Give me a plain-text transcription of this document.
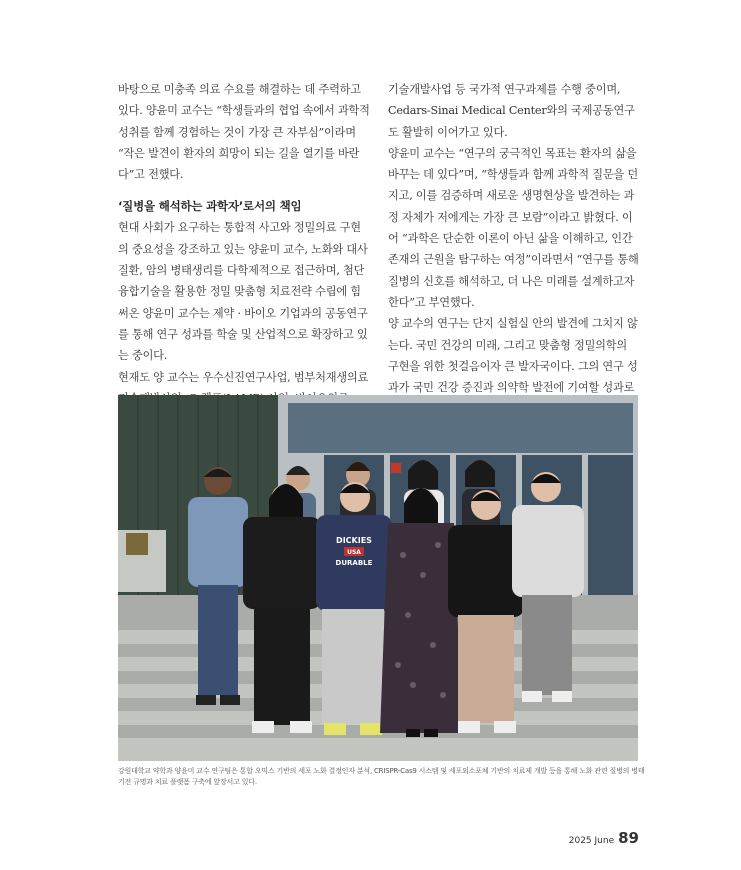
바탕으로 미충족 의료 수요를 해결하는 데 주력하고 있다. 양윤미 교수는 “학생들과의 협업 속에서 과학적 성취를 함께 경험하는 것이 가장 큰 자부심”이라며 “작은 발견이 환자의 희망이 되는 길을 열기를 바란다”고 전했다.

‘질병을 해석하는 과학자’로서의 책임

현대 사회가 요구하는 통합적 사고와 정밀의료 구현의 중요성을 강조하고 있는 양윤미 교수, 노화와 대사질환, 암의 병태생리를 다학제적으로 접근하며, 첨단 융합기술을 활용한 정밀 맞춤형 치료전략 수립에 힘써온 양윤미 교수는 제약 · 바이오 기업과의 공동연구를 통해 연구 성과를 학술 및 산업적으로 확장하고 있는 중이다.

현재도 양 교수는 우수신진연구사업, 범부처재생의료

기술개발사업 등 국가적 연구과제를 수행 중이며, Cedars-Sinai Medical Center와의 국제공동연구도 활발히 이어가고 있다.

양윤미 교수는 “연구의 궁극적인 목표는 환자의 삶을 바꾸는 데 있다”며, “학생들과 함께 과학적 질문을 던지고, 이를 검증하며 새로운 생명현상을 발견하는 과정 자체가 저에게는 가장 큰 보람”이라고 밝혔다. 이어 “과학은 단순한 이론이 아닌 삶을 이해하고, 인간 존재의 근원을 탐구하는 여정”이라면서 “연구를 통해 질병의 신호를 해석하고, 더 나은 미래를 설계하고자 한다”고 부연했다.

양 교수의 연구는 단지 실험실 안의 발견에 그치지 않는다. 국민 건강의 미래, 그리고 맞춤형 정밀의학의 구현을 위한 첫걸음이자 큰 발자국이다. 그의 연구 성과가 국민 건강 증진과 의약학 발전에 기여할 성과로

DICKIES
USA
DURABLE
강원대학교 약학과 양윤미 교수 연구팀은 통합 오믹스 기반의 세포 노화 결정인자 분석, CRISPR-Cas9 시스템 및 세포외소포체 기반의 치료제 개발 등을 통해 노화 관련 질병의 병태기전 규명과 치료 플랫폼 구축에 앞장서고 있다.
2025 June 89
